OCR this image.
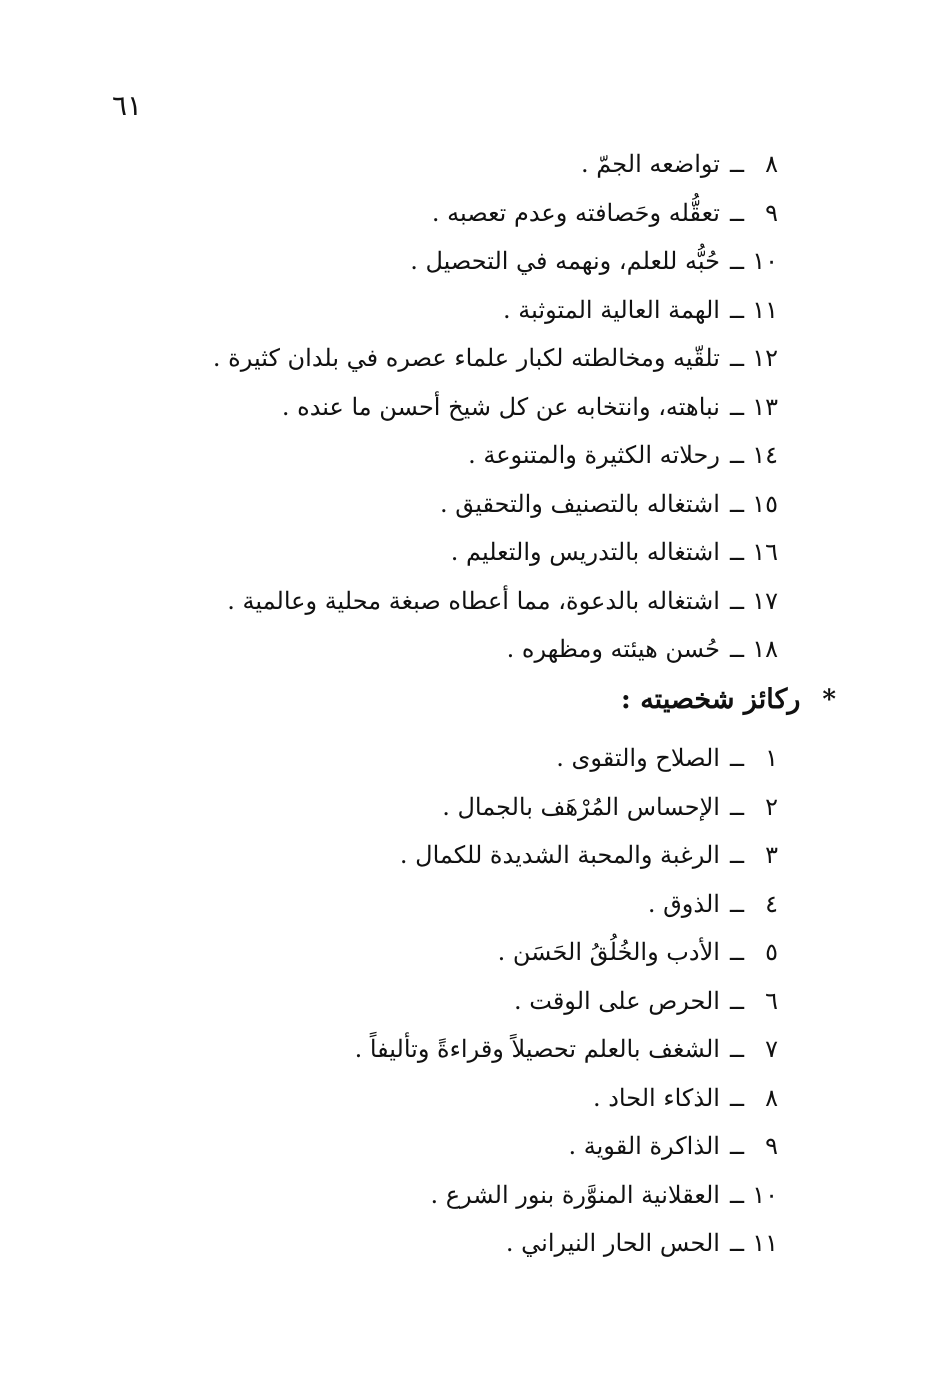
٦١
٨ــتواضعه الجمّ .
٩ــتعقُّله وحَصافته وعدم تعصبه .
١٠ــحُبُّه للعلم، ونهمه في التحصيل .
١١ــالهمة العالية المتوثبة .
١٢ــتلقّيه ومخالطته لكبار علماء عصره في بلدان كثيرة .
١٣ــنباهته، وانتخابه عن كل شيخ أحسن ما عنده .
١٤ــرحلاته الكثيرة والمتنوعة .
١٥ــاشتغاله بالتصنيف والتحقيق .
١٦ــاشتغاله بالتدريس والتعليم .
١٧ــاشتغاله بالدعوة، مما أعطاه صبغة محلية وعالمية .
١٨ــحُسن هيئته ومظهره .
*ركائز شخصيته :
١ــالصلاح والتقوى .
٢ــالإحساس المُرْهَف بالجمال .
٣ــالرغبة والمحبة الشديدة للكمال .
٤ــالذوق .
٥ــالأدب والخُلُقُ الحَسَن .
٦ــالحرص على الوقت .
٧ــالشغف بالعلم تحصيلاً وقراءةً وتأليفاً .
٨ــالذكاء الحاد .
٩ــالذاكرة القوية .
١٠ــالعقلانية المنوَّرة بنور الشرع .
١١ــالحس الحار النيراني .
